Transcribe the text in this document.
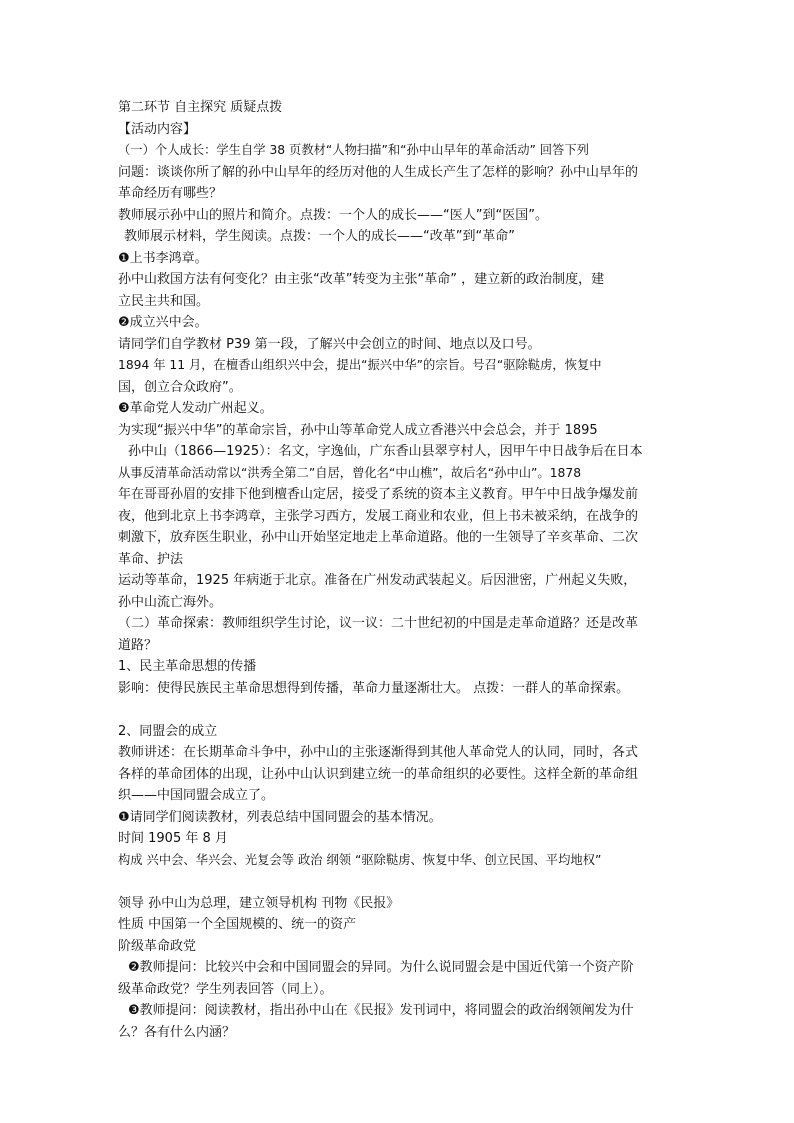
第二环节 自主探究 质疑点拨
【活动内容】
（一）个人成长：学生自学 38 页教材“人物扫描”和“孙中山早年的革命活动” 回答下列
问题：谈谈你所了解的孙中山早年的经历对他的人生成长产生了怎样的影响？孙中山早年的
革命经历有哪些？
教师展示孙中山的照片和简介。点拨：一个人的成长——“医人”到“医国”。
教师展示材料，学生阅读。点拨：一个人的成长——“改革”到“革命”
❶上书李鸿章。
孙中山救国方法有何变化？由主张“改革”转变为主张“革命” ，建立新的政治制度，建
立民主共和国。
❷成立兴中会。
请同学们自学教材 P39 第一段，了解兴中会创立的时间、地点以及口号。
1894 年 11 月，在檀香山组织兴中会，提出“振兴中华”的宗旨。号召“驱除鞑虏，恢复中
国，创立合众政府”。
❸革命党人发动广州起义。
为实现“振兴中华”的革命宗旨，孙中山等革命党人成立香港兴中会总会，并于 1895
孙中山（1866—1925）：名文，字逸仙，广东香山县翠亨村人，因甲午中日战争后在日本
从事反清革命活动常以“洪秀全第二”自居，曾化名“中山樵”，故后名“孙中山”。1878
年在哥哥孙眉的安排下他到檀香山定居，接受了系统的资本主义教育。甲午中日战争爆发前
夜，他到北京上书李鸿章，主张学习西方，发展工商业和农业，但上书未被采纳，在战争的
刺激下，放弃医生职业，孙中山开始坚定地走上革命道路。他的一生领导了辛亥革命、二次
革命、护法
运动等革命，1925 年病逝于北京。准备在广州发动武装起义。后因泄密，广州起义失败，
孙中山流亡海外。
（二）革命探索：教师组织学生讨论，议一议：二十世纪初的中国是走革命道路？还是改革
道路？
1、民主革命思想的传播
影响：使得民族民主革命思想得到传播，革命力量逐渐壮大。 点拨：一群人的革命探索。
2、同盟会的成立
教师讲述：在长期革命斗争中，孙中山的主张逐渐得到其他人革命党人的认同，同时，各式
各样的革命团体的出现，让孙中山认识到建立统一的革命组织的必要性。这样全新的革命组
织——中国同盟会成立了。
❶请同学们阅读教材，列表总结中国同盟会的基本情况。
时间 1905 年 8 月
构成 兴中会、华兴会、光复会等 政治 纲领 “驱除鞑虏、恢复中华、创立民国、平均地权”
领导 孙中山为总理，建立领导机构 刊物《民报》
性质 中国第一个全国规模的、统一的资产
阶级革命政党
❷教师提问：比较兴中会和中国同盟会的异同。为什么说同盟会是中国近代第一个资产阶
级革命政党？学生列表回答（同上）。
❸教师提问：阅读教材，指出孙中山在《民报》发刊词中，将同盟会的政治纲领阐发为什
么？各有什么内涵？
